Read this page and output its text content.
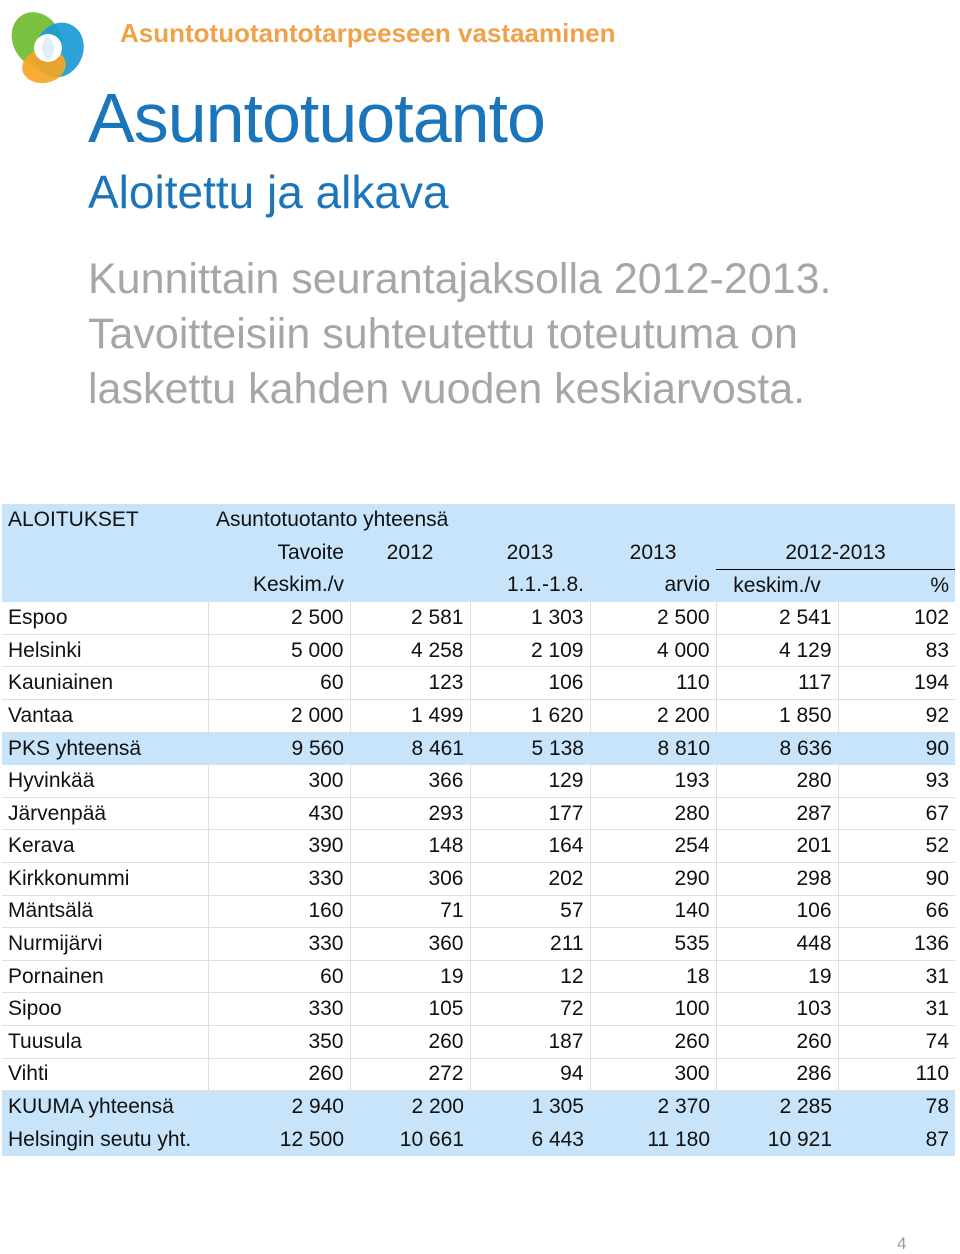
Asuntotuotantotarpeeseen vastaaminen
Asuntotuotanto
Aloitettu ja alkava
Kunnittain seurantajaksolla 2012-2013.
Tavoitteisiin suhteutettu toteutuma on
laskettu kahden vuoden keskiarvosta.
ALOITUKSET	Asuntotuotanto yhteensä					
	Tavoite	2012	2013	2013	2012-2013	
	Keskim./v		1.1.-1.8.	arvio	keskim./v	%
Espoo	2 500	2 581	1 303	2 500	2 541	102
Helsinki	5 000	4 258	2 109	4 000	4 129	83
Kauniainen	60	123	106	110	117	194
Vantaa	2 000	1 499	1 620	2 200	1 850	92
PKS yhteensä	9 560	8 461	5 138	8 810	8 636	90
Hyvinkää	300	366	129	193	280	93
Järvenpää	430	293	177	280	287	67
Kerava	390	148	164	254	201	52
Kirkkonummi	330	306	202	290	298	90
Mäntsälä	160	71	57	140	106	66
Nurmijärvi	330	360	211	535	448	136
Pornainen	60	19	12	18	19	31
Sipoo	330	105	72	100	103	31
Tuusula	350	260	187	260	260	74
Vihti	260	272	94	300	286	110
KUUMA yhteensä	2 940	2 200	1 305	2 370	2 285	78
Helsingin seutu yht.	12 500	10 661	6 443	11 180	10 921	87
4
